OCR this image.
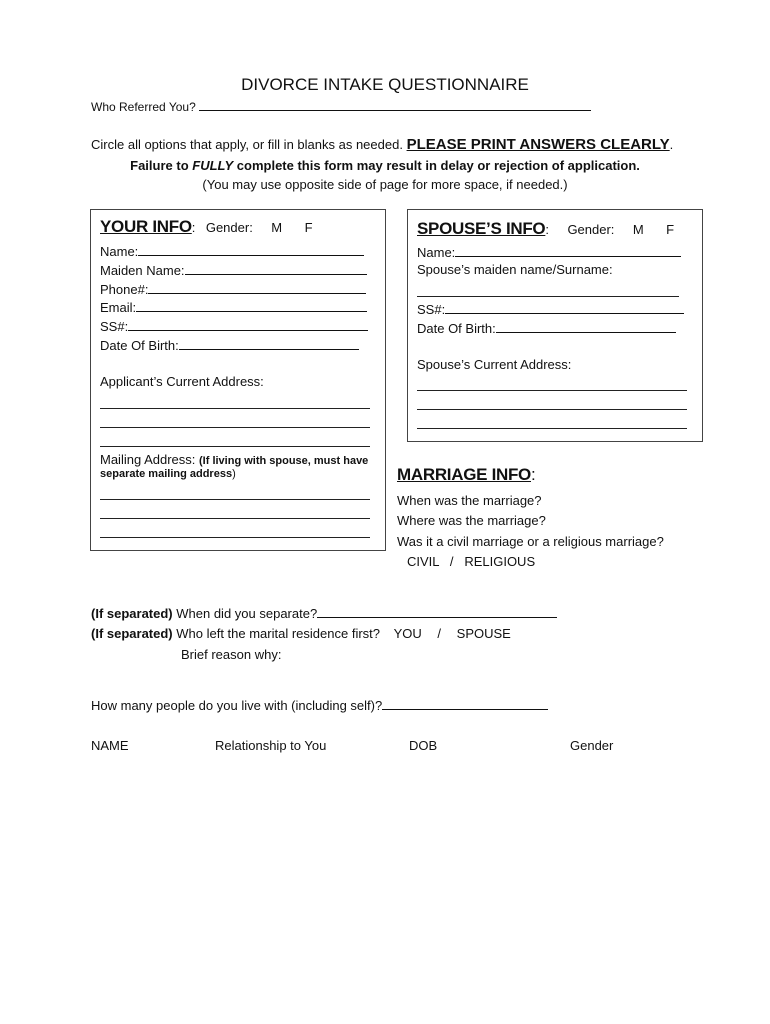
DIVORCE INTAKE QUESTIONNAIRE
Who Referred You?
Circle all options that apply, or fill in blanks as needed. PLEASE PRINT ANSWERS CLEARLY.
Failure to FULLY complete this form may result in delay or rejection of application.
(You may use opposite side of page for more space, if needed.)
YOUR INFO: Gender: M F
Name:
Maiden Name:
Phone#:
Email:
SS#:
Date Of Birth:
Applicant’s Current Address:
Mailing Address: (If living with spouse, must have
separate mailing address)
SPOUSE’S INFO: Gender: M F
Name:
Spouse’s maiden name/Surname:
SS#:
Date Of Birth:
Spouse’s Current Address:
MARRIAGE INFO:
When was the marriage?
Where was the marriage?
Was it a civil marriage or a religious marriage?
CIVIL   /   RELIGIOUS
(If separated) When did you separate?
(If separated) Who left the marital residence first? YOU / SPOUSE
Brief reason why:
How many people do you live with (including self)?
NAME	Relationship to You	DOB	Gender
